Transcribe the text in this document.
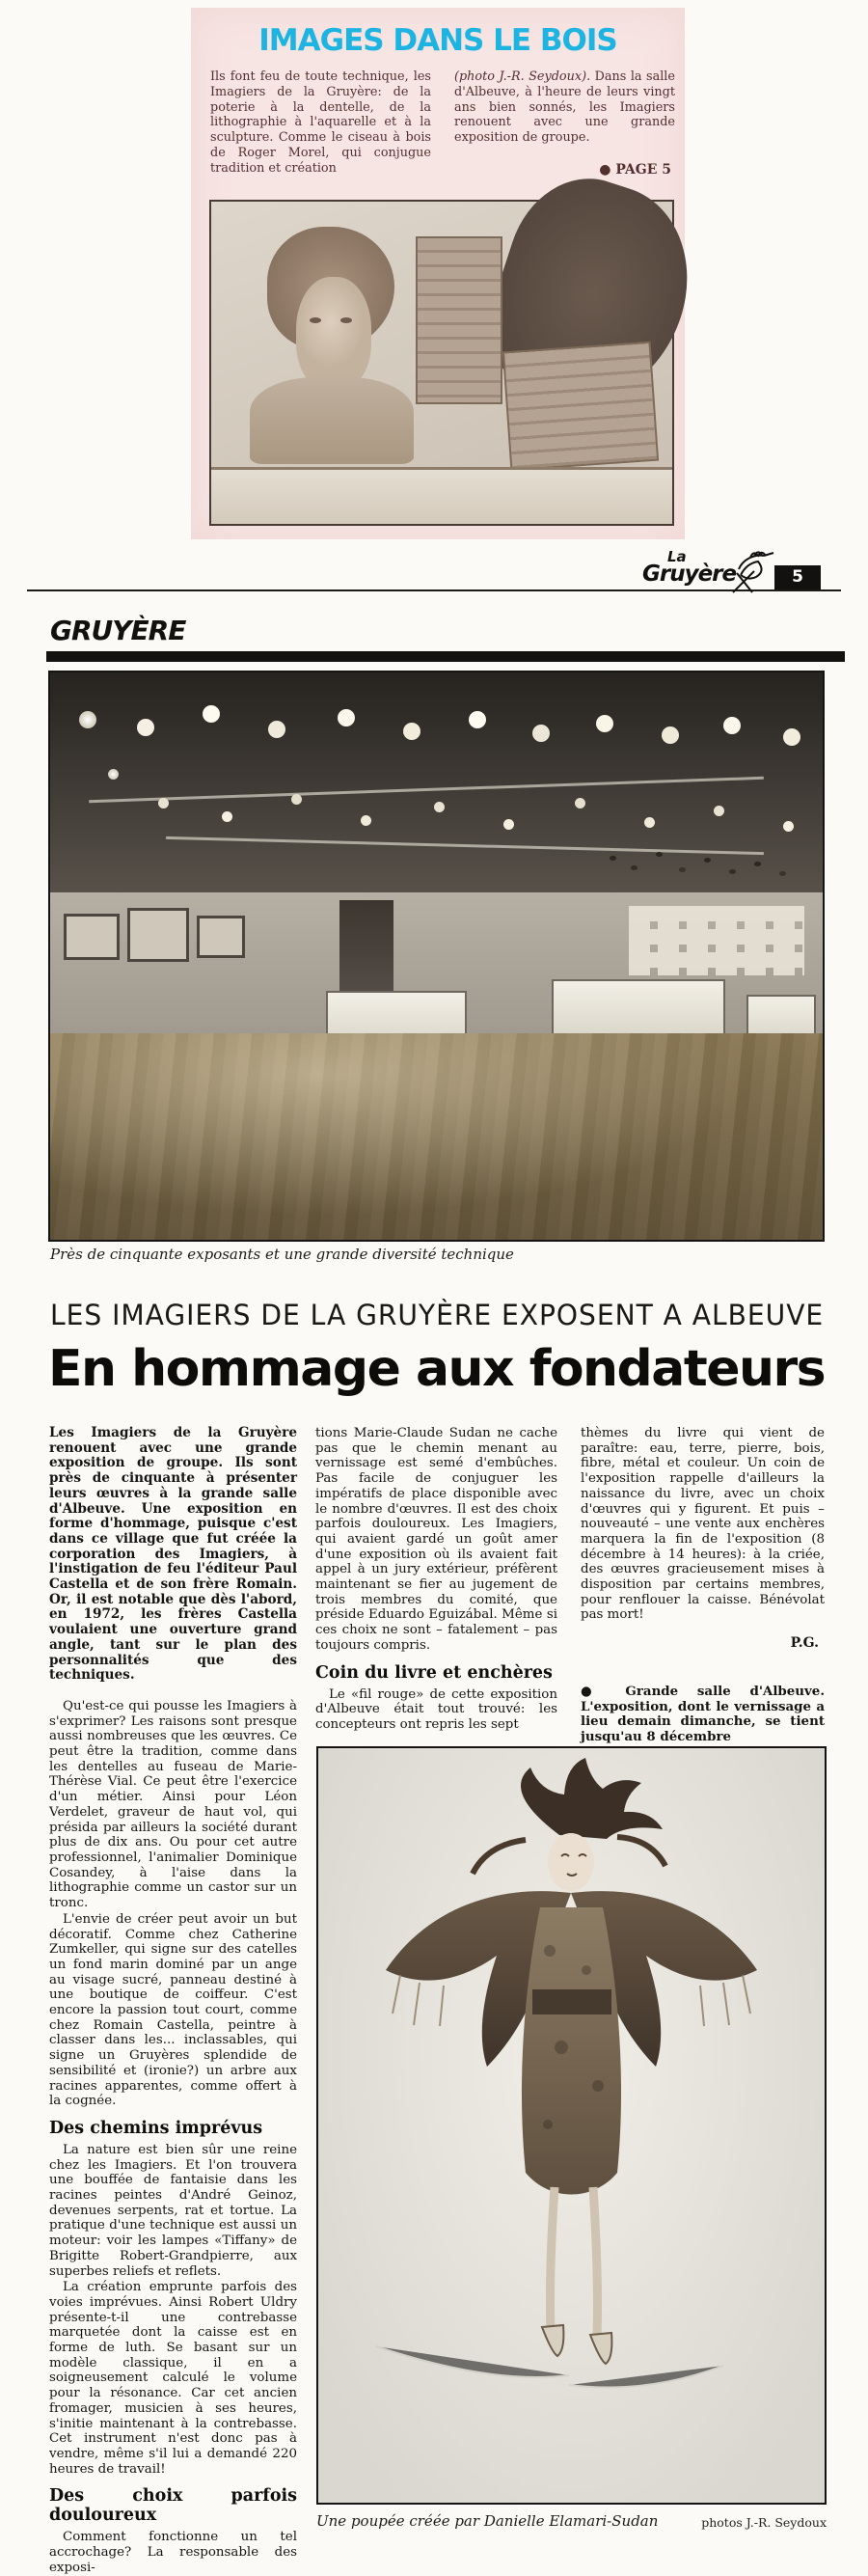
IMAGES DANS LE BOIS
Ils font feu de toute technique, les Imagiers de la Gruyère: de la poterie à la dentelle, de la lithographie à l'aquarelle et à la sculpture. Comme le ciseau à bois de Roger Morel, qui conjugue tradition et création
(photo J.-R. Seydoux). Dans la salle d'Albeuve, à l'heure de leurs vingt ans bien sonnés, les Imagiers renouent avec une grande exposition de groupe.
● PAGE 5
La
Gruyère	5
GRUYÈRE
Près de cinquante exposants et une grande diversité technique
LES IMAGIERS DE LA GRUYÈRE EXPOSENT A ALBEUVE
En hommage aux fondateurs

Les Imagiers de la Gruyère renouent avec une grande exposition de groupe. Ils sont près de cinquante à présenter leurs œuvres à la grande salle d'Albeuve. Une exposition en forme d'hommage, puisque c'est dans ce village que fut créée la corporation des Imagiers, à l'instigation de feu l'éditeur Paul Castella et de son frère Romain. Or, il est notable que dès l'abord, en 1972, les frères Castella voulaient une ouverture grand angle, tant sur le plan des personnalités que des techniques.

Qu'est-ce qui pousse les Imagiers à s'exprimer? Les raisons sont presque aussi nombreuses que les œuvres. Ce peut être la tradition, comme dans les dentelles au fuseau de Marie-Thérèse Vial. Ce peut être l'exercice d'un métier. Ainsi pour Léon Verdelet, graveur de haut vol, qui présida par ailleurs la société durant plus de dix ans. Ou pour cet autre professionnel, l'animalier Dominique Cosandey, à l'aise dans la lithographie comme un castor sur un tronc.

L'envie de créer peut avoir un but décoratif. Comme chez Catherine Zumkeller, qui signe sur des catelles un fond marin dominé par un ange au visage sucré, panneau destiné à une boutique de coiffeur. C'est encore la passion tout court, comme chez Romain Castella, peintre à classer dans les... inclassables, qui signe un Gruyères splendide de sensibilité et (ironie?) un arbre aux racines apparentes, comme offert à la cognée.

Des chemins imprévus

La nature est bien sûr une reine chez les Imagiers. Et l'on trouvera une bouffée de fantaisie dans les racines peintes d'André Geinoz, devenues serpents, rat et tortue. La pratique d'une technique est aussi un moteur: voir les lampes «Tiffany» de Brigitte Robert-Grandpierre, aux superbes reliefs et reflets.

La création emprunte parfois des voies imprévues. Ainsi Robert Uldry présente-t-il une contrebasse marquetée dont la caisse est en forme de luth. Se basant sur un modèle classique, il en a soigneusement calculé le volume pour la résonance. Car cet ancien fromager, musicien à ses heures, s'initie maintenant à la contrebasse. Cet instrument n'est donc pas à vendre, même s'il lui a demandé 220 heures de travail!

Des choix parfois douloureux

Comment fonctionne un tel accrochage? La responsable des exposi-

tions Marie-Claude Sudan ne cache pas que le chemin menant au vernissage est semé d'embûches. Pas facile de conjuguer les impératifs de place disponible avec le nombre d'œuvres. Il est des choix parfois douloureux. Les Imagiers, qui avaient gardé un goût amer d'une exposition où ils avaient fait appel à un jury extérieur, préfèrent maintenant se fier au jugement de trois membres du comité, que préside Eduardo Eguizábal. Même si ces choix ne sont – fatalement – pas toujours compris.

Coin du livre et enchères

Le «fil rouge» de cette exposition d'Albeuve était tout trouvé: les concepteurs ont repris les sept

thèmes du livre qui vient de paraître: eau, terre, pierre, bois, fibre, métal et couleur. Un coin de l'exposition rappelle d'ailleurs la naissance du livre, avec un choix d'œuvres qui y figurent. Et puis – nouveauté – une vente aux enchères marquera la fin de l'exposition (8 décembre à 14 heures): à la criée, des œuvres gracieusement mises à disposition par certains membres, pour renflouer la caisse. Bénévolat pas mort!

P.G.

● Grande salle d'Albeuve. L'exposition, dont le vernissage a lieu demain dimanche, se tient jusqu'au 8 décembre

Une poupée créée par Danielle Elamari-Sudan	photos J.-R. Seydoux
